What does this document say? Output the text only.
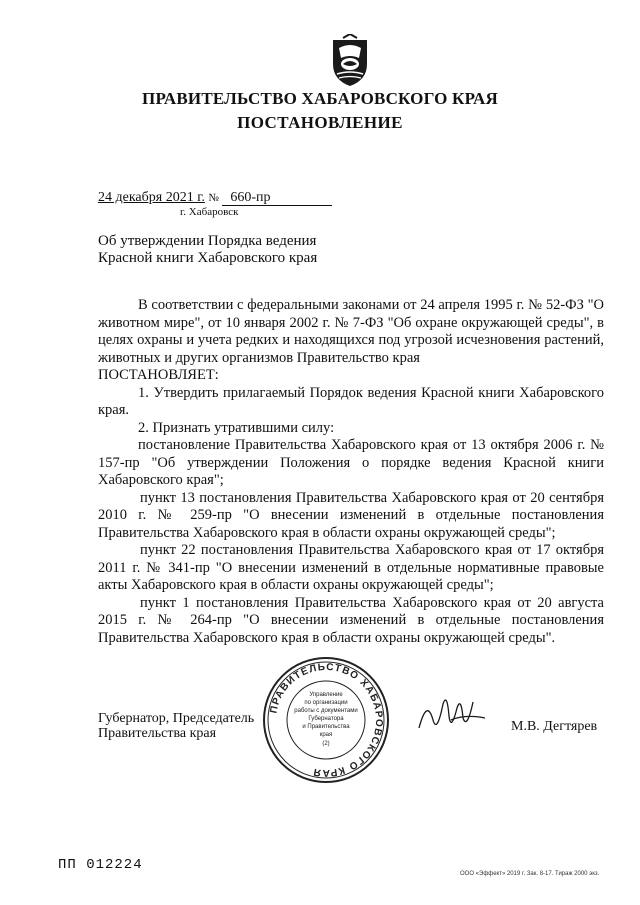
ПРАВИТЕЛЬСТВО ХАБАРОВСКОГО КРАЯ
ПОСТАНОВЛЕНИЕ
24 декабря 2021 г. № 660-пр
г. Хабаровск
Об утверждении Порядка ведения
Красной книги Хабаровского края

В соответствии с федеральными законами от 24 апреля 1995 г. № 52-ФЗ "О животном мире", от 10 января 2002 г. № 7-ФЗ "Об охране окружающей среды", в целях охраны и учета редких и находящихся под угрозой исчезновения растений, животных и других организмов Правительство края

ПОСТАНОВЛЯЕТ:

1. Утвердить прилагаемый Порядок ведения Красной книги Хабаровского края.

2. Признать утратившими силу:

постановление Правительства Хабаровского края от 13 октября 2006 г. № 157-пр "Об утверждении Положения о порядке ведения Красной книги Хабаровского края";

пункт 13 постановления Правительства Хабаровского края от 20 сентября 2010 г. № 259-пр "О внесении изменений в отдельные постановления Правительства Хабаровского края в области охраны окружающей среды";

пункт 22 постановления Правительства Хабаровского края от 17 октября 2011 г. № 341-пр "О внесении изменений в отдельные нормативные правовые акты Хабаровского края в области охраны окружающей среды";

пункт 1 постановления Правительства Хабаровского края от 20 августа 2015 г. № 264-пр "О внесении изменений в отдельные постановления Правительства Хабаровского края в области охраны окружающей среды".

Губернатор, Председатель
Правительства края
ПРАВИТЕЛЬСТВО ХАБАРОВСКОГО КРАЯ
Управление
по организации
работы с документами
Губернатора
и Правительства
края
(2)
М.В. Дегтярев
ПП 012224
ООО «Эффект» 2019 г. Зак. 8-17. Тираж 2000 экз.
